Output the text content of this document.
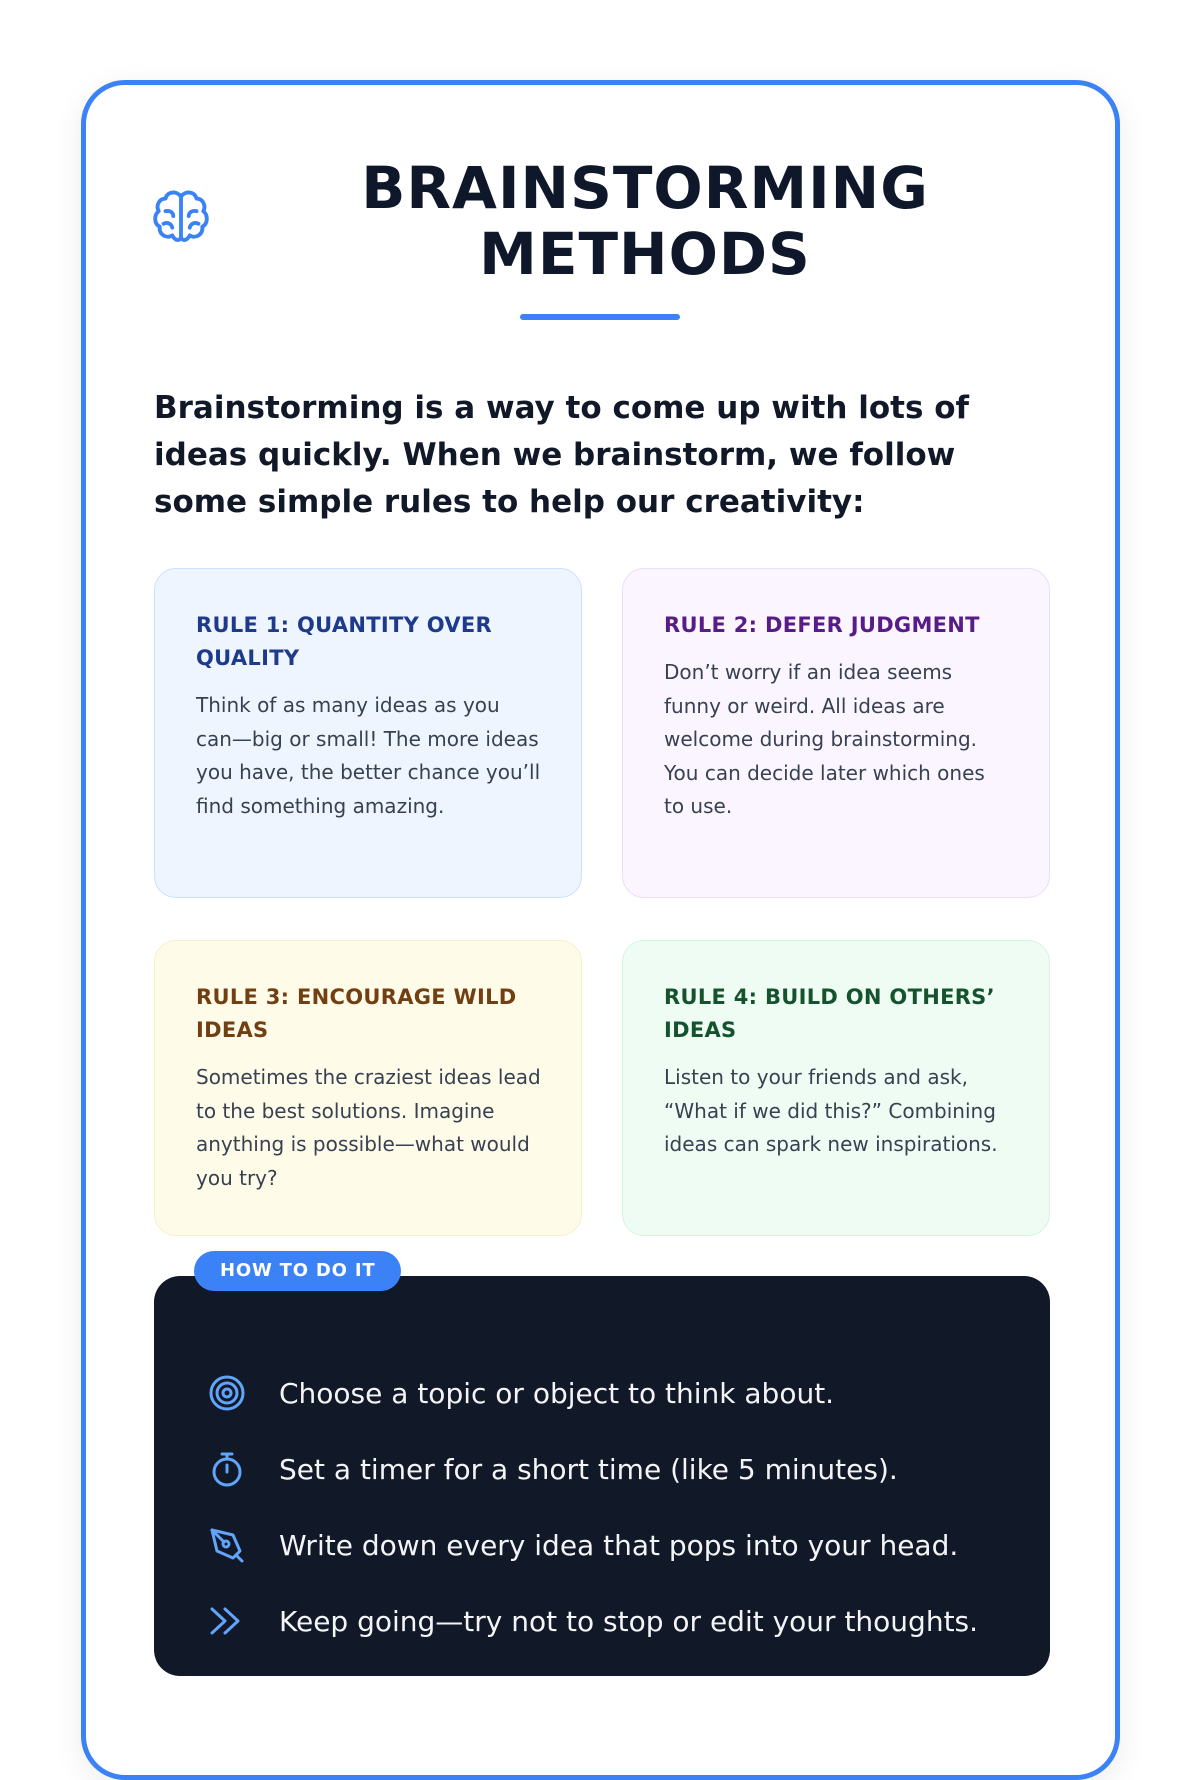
BRAINSTORMING
METHODS

Brainstorming is a way to come up with lots of ideas quickly. When we brainstorm, we follow some simple rules to help our creativity:

RULE 1: QUANTITY OVER QUALITY

Think of as many ideas as you can—big or small! The more ideas you have, the better chance you’ll find something amazing.

RULE 2: DEFER JUDGMENT

Don’t worry if an idea seems funny or weird. All ideas are welcome during brainstorming. You can decide later which ones to use.

RULE 3: ENCOURAGE WILD IDEAS

Sometimes the craziest ideas lead to the best solutions. Imagine anything is possible—what would you try?

RULE 4: BUILD ON OTHERS’ IDEAS

Listen to your friends and ask, “What if we did this?” Combining ideas can spark new inspirations.

HOW TO DO IT
Choose a topic or object to think about.
Set a timer for a short time (like 5 minutes).
Write down every idea that pops into your head.
Keep going—try not to stop or edit your thoughts.
